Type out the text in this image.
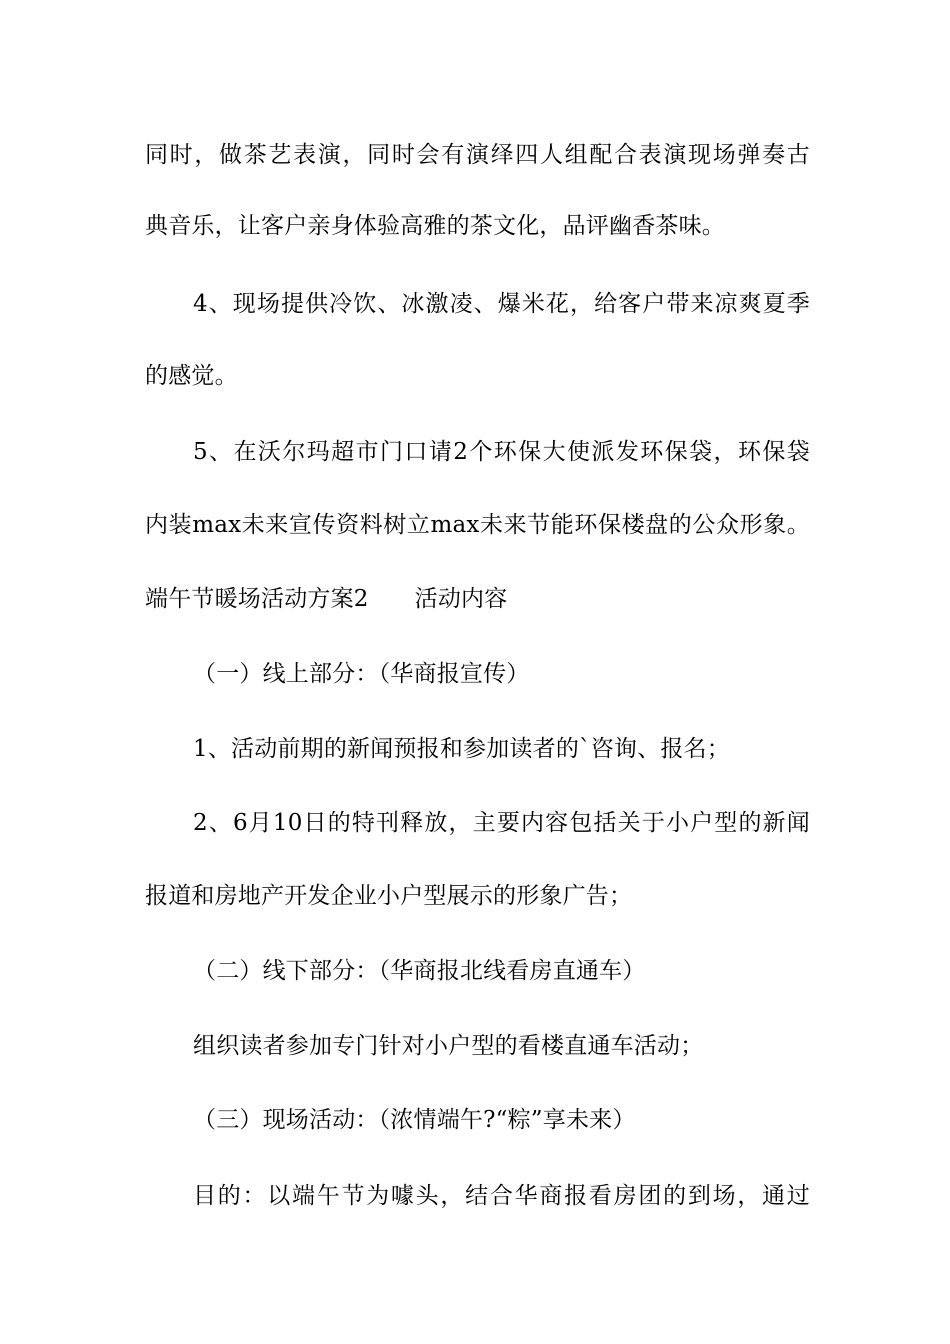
同时，做茶艺表演，同时会有演绎四人组配合表演现场弹奏古
典音乐，让客户亲身体验高雅的茶文化，品评幽香茶味。
4、现场提供冷饮、冰激凌、爆米花，给客户带来凉爽夏季
的感觉。
5、在沃尔玛超市门口请2个环保大使派发环保袋，环保袋
内装max未来宣传资料树立max未来节能环保楼盘的公众形象。
端午节暖场活动方案2 活动内容
（一）线上部分：（华商报宣传）
1、活动前期的新闻预报和参加读者的`咨询、报名；
2、6月10日的特刊释放，主要内容包括关于小户型的新闻
报道和房地产开发企业小户型展示的形象广告；
（二）线下部分：（华商报北线看房直通车）
组织读者参加专门针对小户型的看楼直通车活动；
（三）现场活动：（浓情端午?“粽”享未来）
目的：以端午节为噱头，结合华商报看房团的到场，通过
